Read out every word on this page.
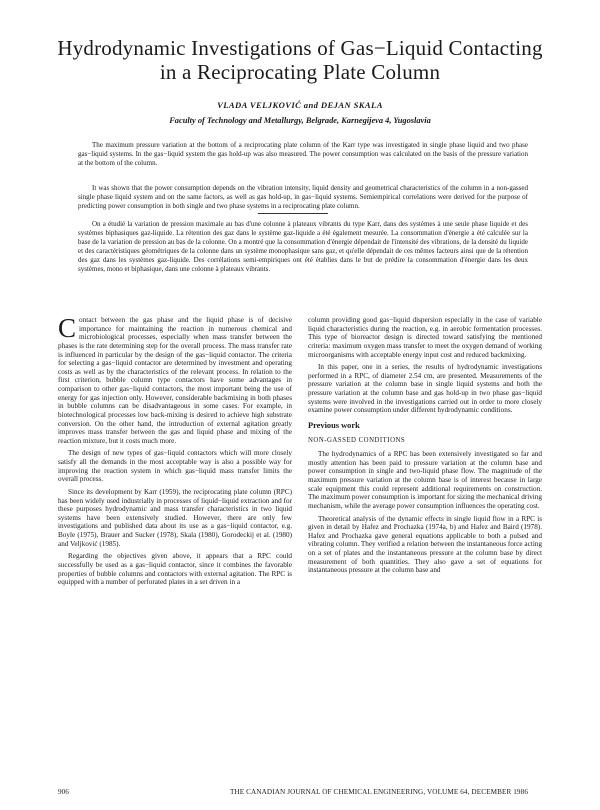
Hydrodynamic Investigations of Gas−Liquid Contacting
in a Reciprocating Plate Column
VLADA VELJKOVIĆ and DEJAN SKALA
Faculty of Technology and Metallurgy, Belgrade, Karnegijeva 4, Yugoslavia
The maximum pressure variation at the bottom of a reciprocating plate column of the Karr type was investigated in single phase liquid and two phase gas−liquid systems. In the gas−liquid system the gas hold-up was also measured. The power consumption was calculated on the basis of the pressure variation at the bottom of the column.
It was shown that the power consumption depends on the vibration intensity, liquid density and geometrical characteristics of the column in a non-gassed single phase liquid system and on the same factors, as well as gas hold-up, in gas−liquid systems. Semiempirical correlations were derived for the purpose of predicting power consumption in both single and two phase systems in a reciprocating plate column.
On a étudié la variation de pression maximale au bas d'une colonne à plateaux vibrants du type Karr, dans des systèmes à une seule phase liquide et des systèmes biphasiques gaz-liquide. La rétention des gaz dans le système gaz-liquide a été également mesurée. La consommation d'énergie a été calculée sur la base de la variation de pression au bas de la colonne. On a montré que la consommation d'énergie dépendait de l'intensité des vibrations, de la densité du liquide et des caractéristiques géométriques de la colonne dans un système monophasique sans gaz, et qu'elle dépendait de ces mêmes facteurs ainsi que de la rétention des gaz dans les systèmes gaz-liquide. Des corrélations semi-empiriques ont été établies dans le but de prédire la consommation d'énergie dans les deux systèmes, mono et biphasique, dans une colonne à plateaux vibrants.

Contact between the gas phase and the liquid phase is of decisive importance for maintaining the reaction in numerous chemical and microbiological processes, especially when mass transfer between the phases is the rate determining step for the overall process. The mass transfer rate is influenced in particular by the design of the gas−liquid contactor. The criteria for selecting a gas−liquid contactor are determined by investment and operating costs as well as by the characteristics of the relevant process. In relation to the first criterion, bubble column type contactors have some advantages in comparison to other gas−liquid contactors, the most important being the use of energy for gas injection only. However, considerable backmixing in both phases in bubble columns can be disadvantageous in some cases. For example, in biotechnological processes low back-mixing is desired to achieve high substrate conversion. On the other hand, the introduction of external agitation greatly improves mass transfer between the gas and liquid phase and mixing of the reaction mixture, but it costs much more.

The design of new types of gas−liquid contactors which will more closely satisfy all the demands in the most acceptable way is also a possible way for improving the reaction system in which gas−liquid mass transfer limits the overall process.

Since its development by Karr (1959), the reciprocating plate column (RPC) has been widely used industrially in processes of liquid−liquid extraction and for these purposes hydrodynamic and mass transfer characteristics in two liquid systems have been extensively studied. However, there are only few investigations and published data about its use as a gas−liquid contactor, e.g. Boyle (1975), Brauer and Sucker (1978), Skala (1980), Gorodeckij et al. (1980) and Veljković (1985).

Regarding the objectives given above, it appears that a RPC could successfully be used as a gas−liquid contactor, since it combines the favorable properties of bubble columns and contactors with external agitation. The RPC is equipped with a number of perforated plates in a set driven in a

column providing good gas−liquid dispersion especially in the case of variable liquid characteristics during the reaction, e.g. in aerobic fermentation processes. This type of bioreactor design is directed toward satisfying the mentioned criteria: maximum oxygen mass transfer to meet the oxygen demand of working microorganisms with acceptable energy input cost and reduced backmixing.

In this paper, one in a series, the results of hydrodynamic investigations performed in a RPC, of diameter 2.54 cm, are presented. Measurements of the pressure variation at the column base in single liquid systems and both the pressure variation at the column base and gas hold-up in two phase gas−liquid systems were involved in the investigations carried out in order to more closely examine power consumption under different hydrodynamic conditions.

Previous work

NON-GASSED CONDITIONS

The hydrodynamics of a RPC has been extensively investigated so far and mostly attention has been paid to pressure variation at the column base and power consumption in single and two-liquid phase flow. The magnitude of the maximum pressure variation at the column base is of interest because in large scale equipment this could represent additional requirements on construction. The maximum power consumption is important for sizing the mechanical driving mechanism, while the average power consumption influences the operating cost.

Theoretical analysis of the dynamic effects in single liquid flow in a RPC is given in detail by Hafez and Prochazka (1974a, b) and Hafez and Baird (1978). Hafez and Prochazka gave general equations applicable to both a pulsed and vibrating column. They verified a relation between the instantaneous force acting on a set of plates and the instantaneous pressure at the column base by direct measurement of both quantities. They also gave a set of equations for instantaneous pressure at the column base and

906	THE CANADIAN JOURNAL OF CHEMICAL ENGINEERING, VOLUME 64, DECEMBER 1986
